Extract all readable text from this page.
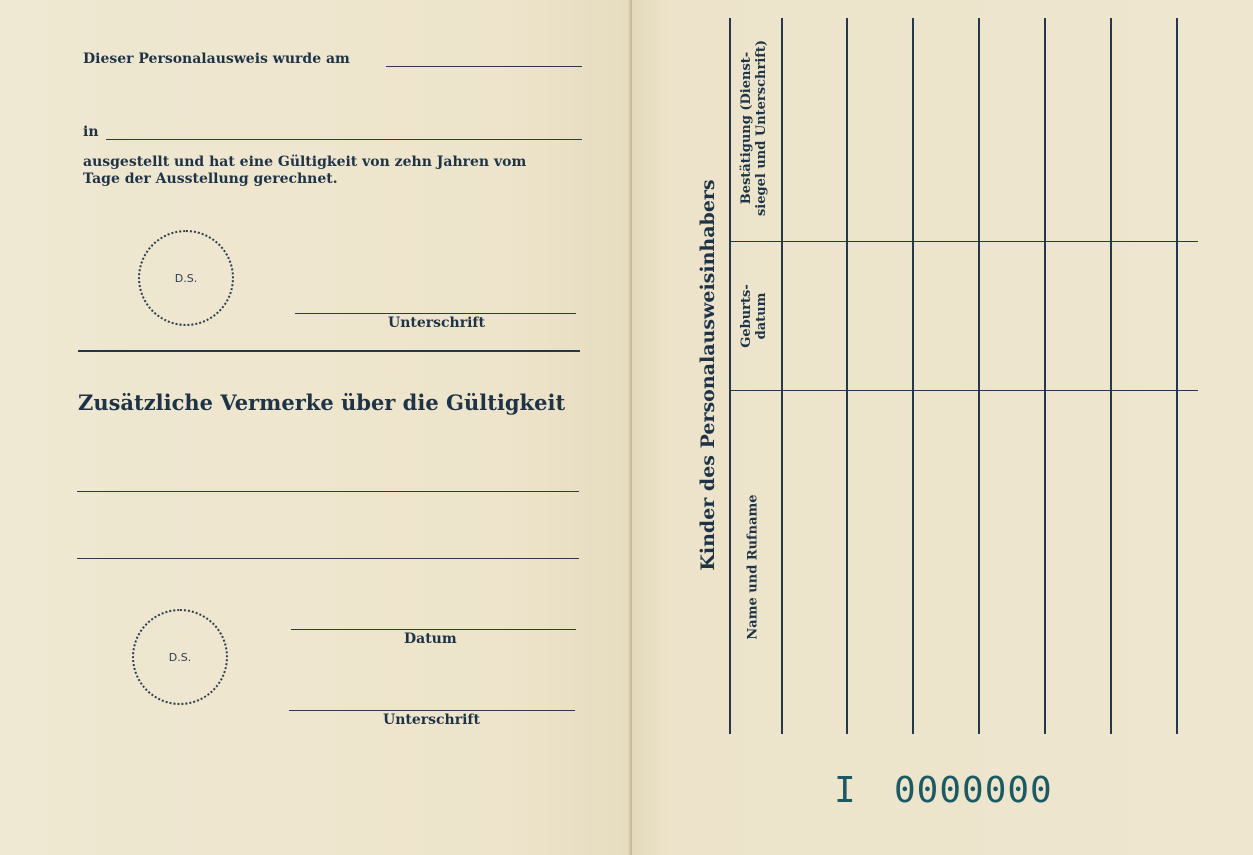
Dieser Personalausweis wurde am
in
ausgestellt und hat eine Gültigkeit von zehn Jahren vom
Tage der Ausstellung gerechnet.
D.S.
Unterschrift
Zusätzliche Vermerke über die Gültigkeit
D.S.
Datum
Unterschrift
Kinder des Personalausweisinhabers Name und Rufname
Geburts-
datum
Bestätigung (Dienst-
siegel und Unterschrift)
I 0000000
